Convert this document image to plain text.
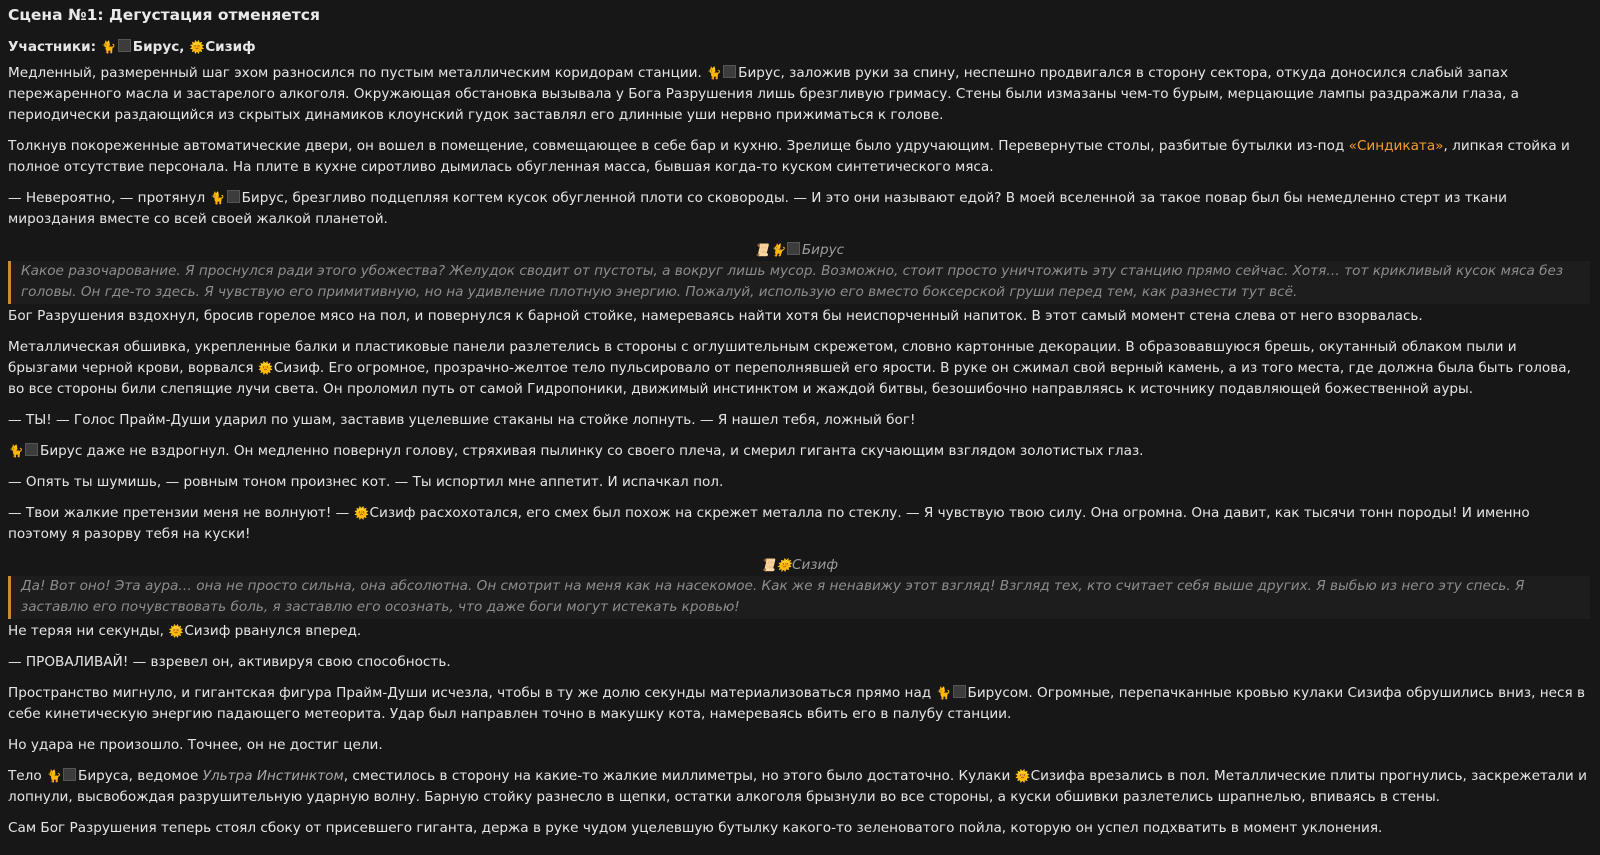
Сцена №1: Дегустация отменяется
Участники: 🐈 Бирус, 🌞Сизиф

Медленный, размеренный шаг эхом разносился по пустым металлическим коридорам станции. 🐈 Бирус, заложив руки за спину, неспешно продвигался в сторону сектора, откуда доносился слабый запах пережаренного масла и застарелого алкоголя. Окружающая обстановка вызывала у Бога Разрушения лишь брезгливую гримасу. Стены были измазаны чем-то бурым, мерцающие лампы раздражали глаза, а периодически раздающийся из скрытых динамиков клоунский гудок заставлял его длинные уши нервно прижиматься к голове.

Толкнув покореженные автоматические двери, он вошел в помещение, совмещающее в себе бар и кухню. Зрелище было удручающим. Перевернутые столы, разбитые бутылки из-под «Синдиката», липкая стойка и полное отсутствие персонала. На плите в кухне сиротливо дымилась обугленная масса, бывшая когда-то куском синтетического мяса.

— Невероятно, — протянул 🐈 Бирус, брезгливо подцепляя когтем кусок обугленной плоти со сковороды. — И это они называют едой? В моей вселенной за такое повар был бы немедленно стерт из ткани мироздания вместе со всей своей жалкой планетой.

📜🐈 Бирус
Какое разочарование. Я проснулся ради этого убожества? Желудок сводит от пустоты, а вокруг лишь мусор. Возможно, стоит просто уничтожить эту станцию прямо сейчас. Хотя… тот крикливый кусок мяса без головы. Он где-то здесь. Я чувствую его примитивную, но на удивление плотную энергию. Пожалуй, использую его вместо боксерской груши перед тем, как разнести тут всё.

Бог Разрушения вздохнул, бросив горелое мясо на пол, и повернулся к барной стойке, намереваясь найти хотя бы неиспорченный напиток. В этот самый момент стена слева от него взорвалась.

Металлическая обшивка, укрепленные балки и пластиковые панели разлетелись в стороны с оглушительным скрежетом, словно картонные декорации. В образовавшуюся брешь, окутанный облаком пыли и брызгами черной крови, ворвался 🌞Сизиф. Его огромное, прозрачно-желтое тело пульсировало от переполнявшей его ярости. В руке он сжимал свой верный камень, а из того места, где должна была быть голова, во все стороны били слепящие лучи света. Он проломил путь от самой Гидропоники, движимый инстинктом и жаждой битвы, безошибочно направляясь к источнику подавляющей божественной ауры.

— ТЫ! — Голос Прайм-Души ударил по ушам, заставив уцелевшие стаканы на стойке лопнуть. — Я нашел тебя, ложный бог!

🐈 Бирус даже не вздрогнул. Он медленно повернул голову, стряхивая пылинку со своего плеча, и смерил гиганта скучающим взглядом золотистых глаз.

— Опять ты шумишь, — ровным тоном произнес кот. — Ты испортил мне аппетит. И испачкал пол.

— Твои жалкие претензии меня не волнуют! — 🌞Сизиф расхохотался, его смех был похож на скрежет металла по стеклу. — Я чувствую твою силу. Она огромна. Она давит, как тысячи тонн породы! И именно поэтому я разорву тебя на куски!

📜🌞Сизиф
Да! Вот оно! Эта аура… она не просто сильна, она абсолютна. Он смотрит на меня как на насекомое. Как же я ненавижу этот взгляд! Взгляд тех, кто считает себя выше других. Я выбью из него эту спесь. Я заставлю его почувствовать боль, я заставлю его осознать, что даже боги могут истекать кровью!

Не теряя ни секунды, 🌞Сизиф рванулся вперед.

— ПРОВАЛИВАЙ! — взревел он, активируя свою способность.

Пространство мигнуло, и гигантская фигура Прайм-Души исчезла, чтобы в ту же долю секунды материализоваться прямо над 🐈 Бирусом. Огромные, перепачканные кровью кулаки Сизифа обрушились вниз, неся в себе кинетическую энергию падающего метеорита. Удар был направлен точно в макушку кота, намереваясь вбить его в палубу станции.

Но удара не произошло. Точнее, он не достиг цели.

Тело 🐈 Бируса, ведомое Ультра Инстинктом, сместилось в сторону на какие-то жалкие миллиметры, но этого было достаточно. Кулаки 🌞Сизифа врезались в пол. Металлические плиты прогнулись, заскрежетали и лопнули, высвобождая разрушительную ударную волну. Барную стойку разнесло в щепки, остатки алкоголя брызнули во все стороны, а куски обшивки разлетелись шрапнелью, впиваясь в стены.

Сам Бог Разрушения теперь стоял сбоку от присевшего гиганта, держа в руке чудом уцелевшую бутылку какого-то зеленоватого пойла, которую он успел подхватить в момент уклонения.
